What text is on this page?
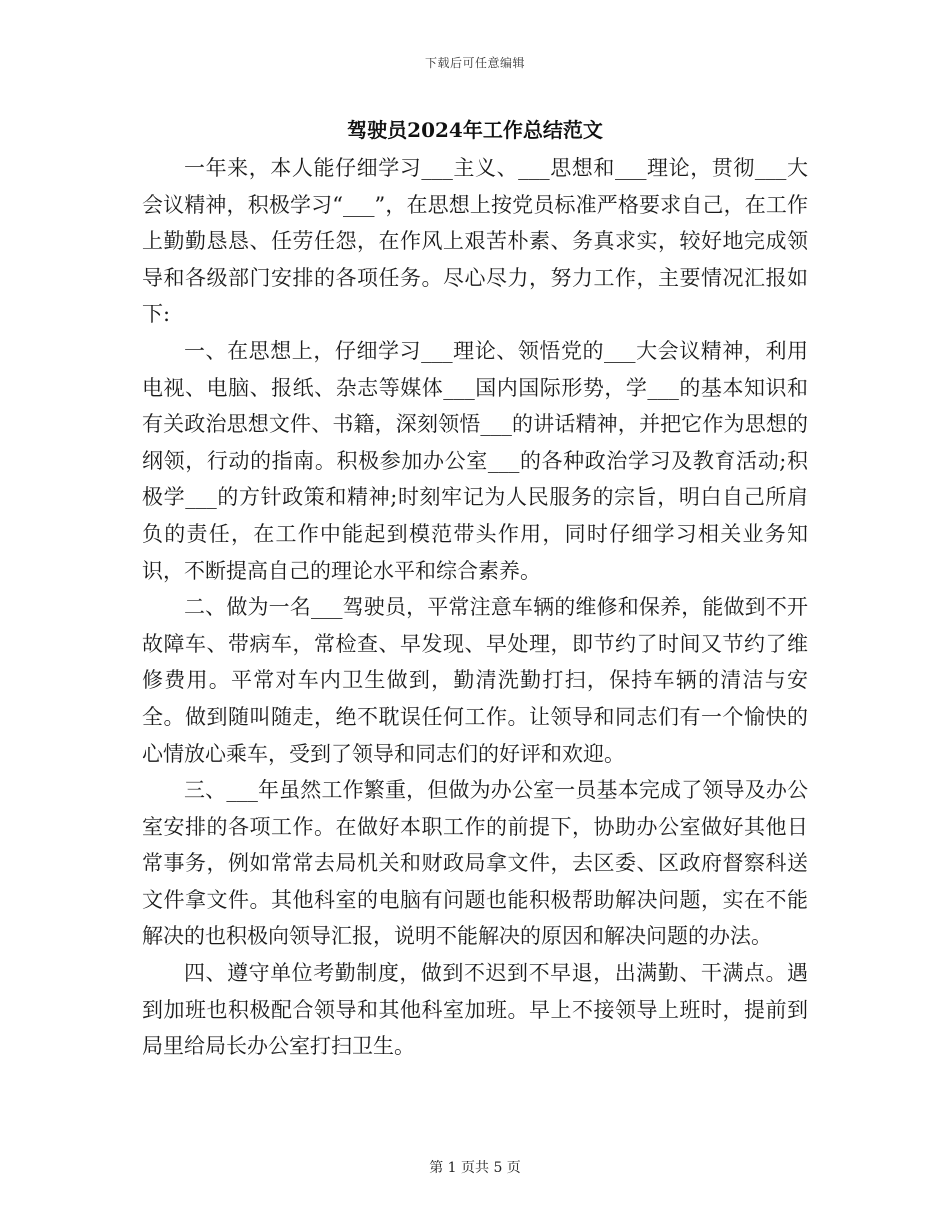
下载后可任意编辑
驾驶员2024年工作总结范文

一年来，本人能仔细学习___主义、___思想和___理论，贯彻___大会议精神，积极学习“___”，在思想上按党员标准严格要求自己，在工作上勤勤恳恳、任劳任怨，在作风上艰苦朴素、务真求实，较好地完成领导和各级部门安排的各项任务。尽心尽力，努力工作，主要情况汇报如下:

一、在思想上，仔细学习___理论、领悟党的___大会议精神，利用电视、电脑、报纸、杂志等媒体___国内国际形势，学___的基本知识和有关政治思想文件、书籍，深刻领悟___的讲话精神，并把它作为思想的纲领，行动的指南。积极参加办公室___的各种政治学习及教育活动;积极学___的方针政策和精神;时刻牢记为人民服务的宗旨，明白自己所肩负的责任，在工作中能起到模范带头作用，同时仔细学习相关业务知识，不断提高自己的理论水平和综合素养。

二、做为一名___驾驶员，平常注意车辆的维修和保养，能做到不开故障车、带病车，常检查、早发现、早处理，即节约了时间又节约了维修费用。平常对车内卫生做到，勤清洗勤打扫，保持车辆的清洁与安全。做到随叫随走，绝不耽误任何工作。让领导和同志们有一个愉快的心情放心乘车，受到了领导和同志们的好评和欢迎。

三、___年虽然工作繁重，但做为办公室一员基本完成了领导及办公室安排的各项工作。在做好本职工作的前提下，协助办公室做好其他日常事务，例如常常去局机关和财政局拿文件，去区委、区政府督察科送文件拿文件。其他科室的电脑有问题也能积极帮助解决问题，实在不能解决的也积极向领导汇报，说明不能解决的原因和解决问题的办法。

四、遵守单位考勤制度，做到不迟到不早退，出满勤、干满点。遇到加班也积极配合领导和其他科室加班。早上不接领导上班时，提前到局里给局长办公室打扫卫生。

第 1 页共 5 页
